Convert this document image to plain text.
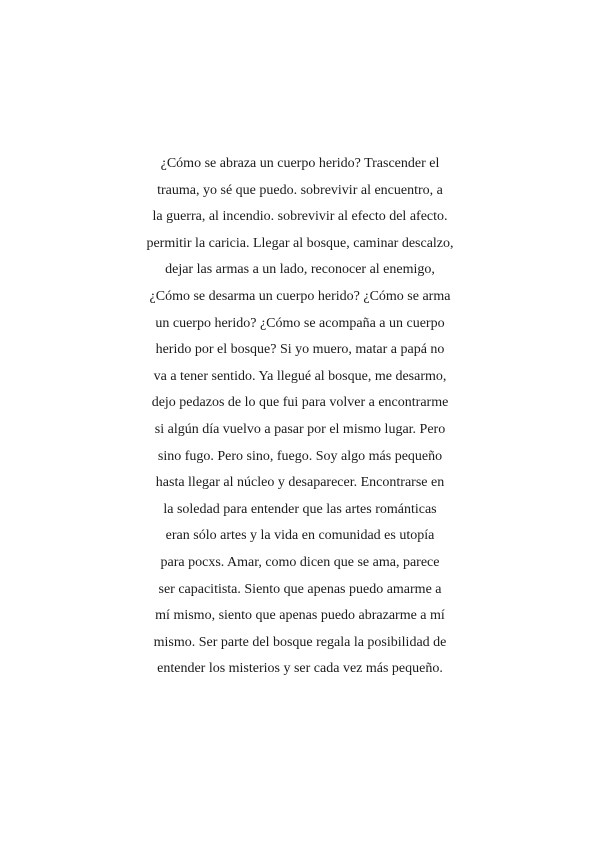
¿Cómo se abraza un cuerpo herido? Trascender el
trauma, yo sé que puedo. sobrevivir al encuentro, a
la guerra, al incendio. sobrevivir al efecto del afecto.
permitir la caricia. Llegar al bosque, caminar descalzo,
dejar las armas a un lado, reconocer al enemigo,
¿Cómo se desarma un cuerpo herido? ¿Cómo se arma
un cuerpo herido? ¿Cómo se acompaña a un cuerpo
herido por el bosque? Si yo muero, matar a papá no
va a tener sentido. Ya llegué al bosque, me desarmo,
dejo pedazos de lo que fui para volver a encontrarme
si algún día vuelvo a pasar por el mismo lugar. Pero
sino fugo. Pero sino, fuego. Soy algo más pequeño
hasta llegar al núcleo y desaparecer. Encontrarse en
la soledad para entender que las artes románticas
eran sólo artes y la vida en comunidad es utopía
para pocxs. Amar, como dicen que se ama, parece
ser capacitista. Siento que apenas puedo amarme a
mí mismo, siento que apenas puedo abrazarme a mí
mismo. Ser parte del bosque regala la posibilidad de
entender los misterios y ser cada vez más pequeño.
